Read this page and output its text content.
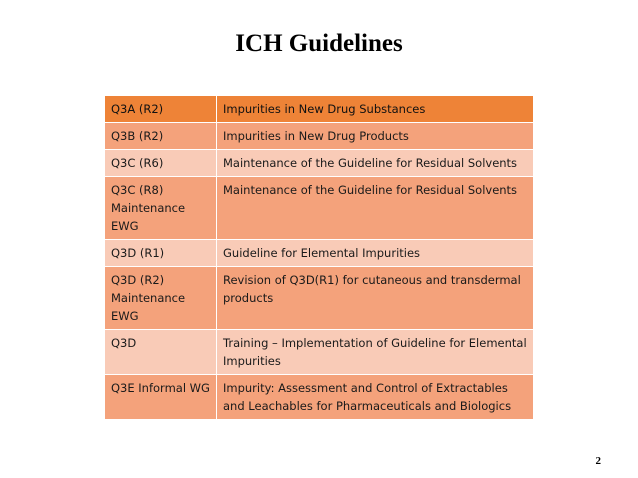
ICH Guidelines
Q3A (R2)	Impurities in New Drug Substances
Q3B (R2)	Impurities in New Drug Products
Q3C (R6)	Maintenance of the Guideline for Residual Solvents
Q3C (R8) Maintenance EWG	Maintenance of the Guideline for Residual Solvents
Q3D (R1)	Guideline for Elemental Impurities
Q3D (R2) Maintenance EWG	Revision of Q3D(R1) for cutaneous and transdermal products
Q3D	Training – Implementation of Guideline for Elemental Impurities
Q3E Informal WG	Impurity: Assessment and Control of Extractables and Leachables for Pharmaceuticals and Biologics
2
